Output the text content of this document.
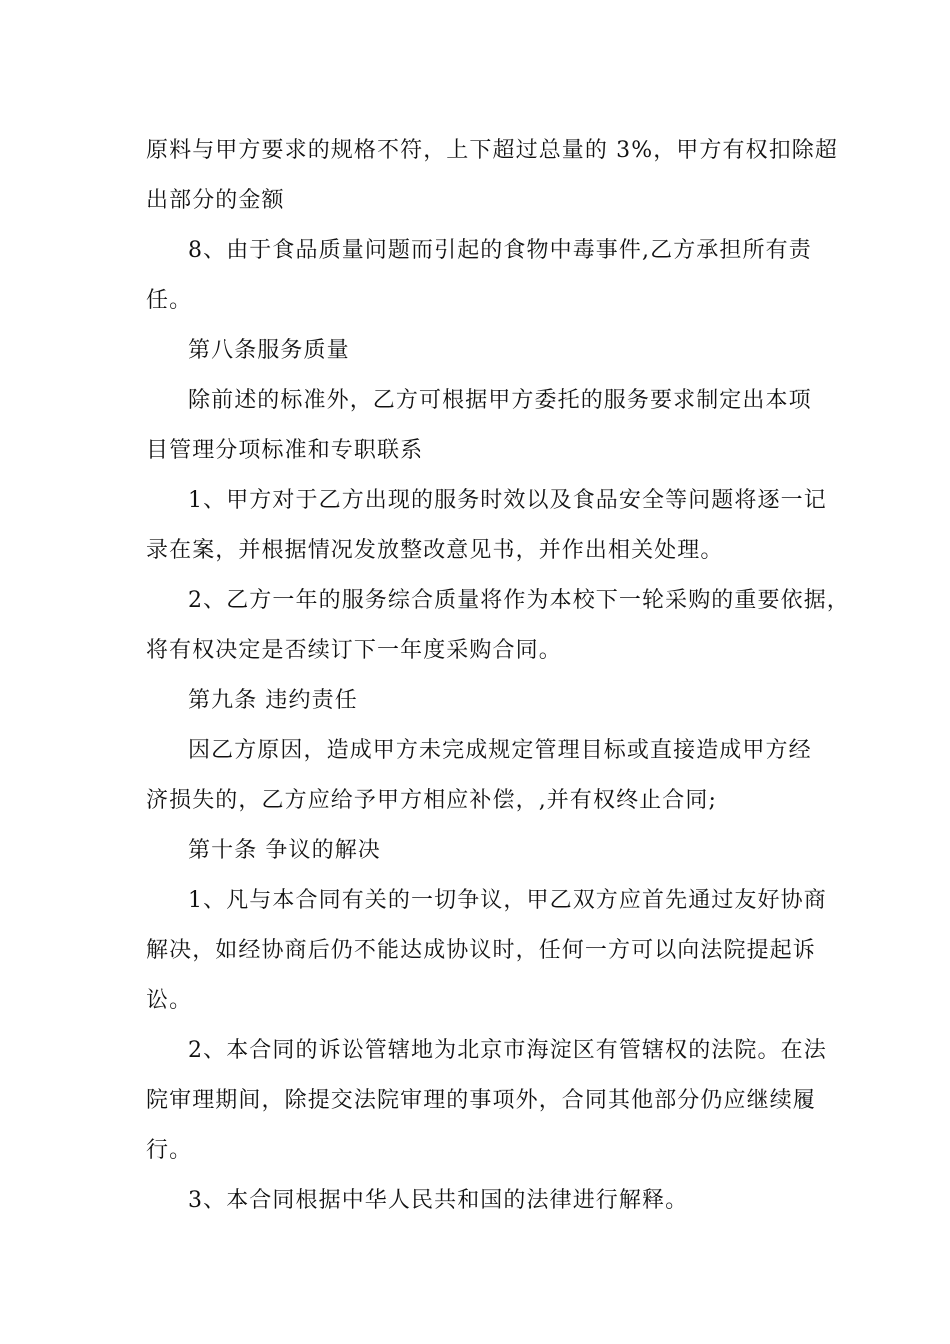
原料与甲方要求的规格不符，上下超过总量的 3%，甲方有权扣除超
出部分的金额
8、由于食品质量问题而引起的食物中毒事件,乙方承担所有责
任。
第八条服务质量
除前述的标准外，乙方可根据甲方委托的服务要求制定出本项
目管理分项标准和专职联系
1、甲方对于乙方出现的服务时效以及食品安全等问题将逐一记
录在案，并根据情况发放整改意见书，并作出相关处理。
2、乙方一年的服务综合质量将作为本校下一轮采购的重要依据，
将有权决定是否续订下一年度采购合同。
第九条 违约责任
因乙方原因，造成甲方未完成规定管理目标或直接造成甲方经
济损失的，乙方应给予甲方相应补偿，,并有权终止合同;
第十条 争议的解决
1、凡与本合同有关的一切争议，甲乙双方应首先通过友好协商
解决，如经协商后仍不能达成协议时，任何一方可以向法院提起诉
讼。
2、本合同的诉讼管辖地为北京市海淀区有管辖权的法院。在法
院审理期间，除提交法院审理的事项外，合同其他部分仍应继续履
行。
3、本合同根据中华人民共和国的法律进行解释。
